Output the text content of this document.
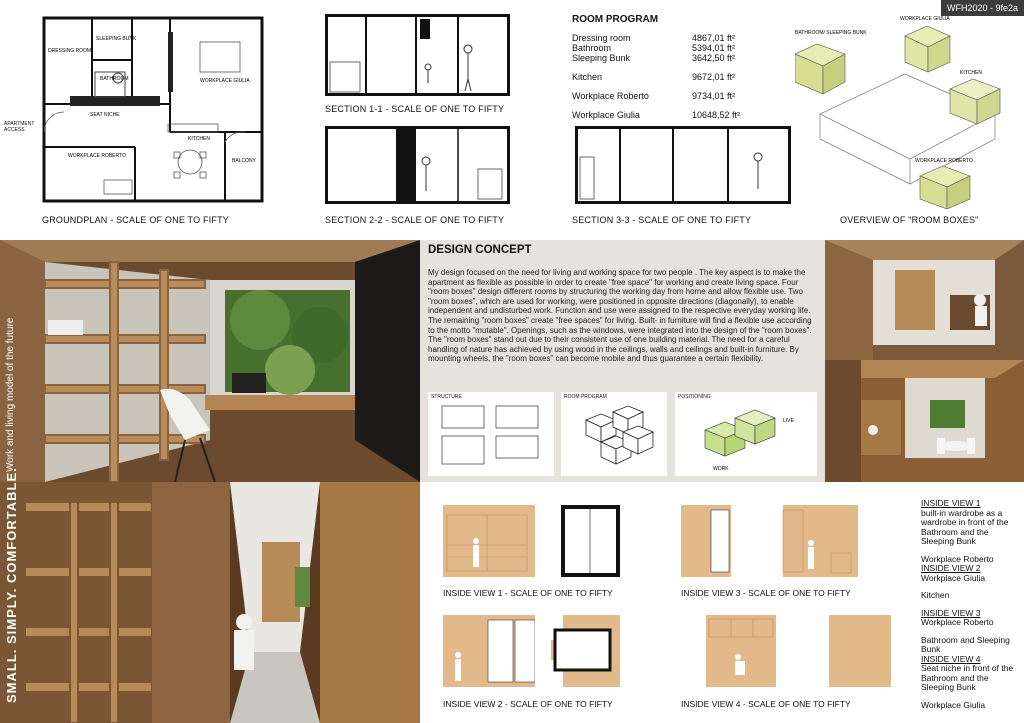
WFH2020 - 9fe2a
DRESSING ROOM
SLEEPING BUNK
BATHROOM
SEAT NICHE
WORKPLACE GIULIA
KITCHEN
BALCONY
WORKPLACE ROBERTO
APARTMENT ACCESS
GROUNDPLAN - SCALE OF ONE TO FIFTY
SECTION 1-1 - SCALE OF ONE TO FIFTY
SECTION 2-2 - SCALE OF ONE TO FIFTY	SECTION 3-3 - SCALE OF ONE TO FIFTY
ROOM PROGRAM
Dressing room	4867,01 ft²
Bathroom	5394,01 ft²
Sleeping Bunk	3642,50 ft²
Kitchen	9672,01 ft²
Workplace Roberto	9734,01 ft²
Workplace Giulia	10648,52 ft²
BATHROOM/ SLEEPING BUNK
WORKPLACE GIULIA
KITCHEN
WORKPLACE ROBERTO
OVERVIEW OF "ROOM BOXES"
DESIGN CONCEPT

My design focused on the need for living and working space for two people . The key aspect is to make the apartment as flexible as possible in order to create "free space" for working and create living space. Four "room boxes" design different rooms by structuring the working day from home and allow flexible use. Two "room boxes", which are used for working, were positioned in opposite directions (diagonally), to enable independent and undisturbed work. Function and use were assigned to the respective everyday working life. The remaining "room boxes" create "free spaces" for living. Built- in furniture will find a flexible use according to the motto "mutable". Openings, such as the windows, were integrated into the design of the "room boxes". The "room boxes" stand out due to their consistent use of one building material. The need for a careful handling of nature has achieved by using wood in the ceilings, walls and ceilings and built-in furniture. By mounting wheels, the "room boxes" can become mobile and thus guarantee a certain flexibility.

STRUCTURE	ROOM PROGRAM	POSITIONING
LIVE
WORK
SMALL. SIMPLY. COMFORTABLE.
Work and living model of the future
INSIDE VIEW 1 - SCALE OF ONE TO FIFTY
INSIDE VIEW 2 - SCALE OF ONE TO FIFTY
INSIDE VIEW 3 - SCALE OF ONE TO FIFTY
INSIDE VIEW 4 - SCALE OF ONE TO FIFTY
INSIDE VIEW 1
built-in wardrobe as a wardrobe in front of the Bathroom and the Sleeping Bunk
Workplace Roberto
INSIDE VIEW 2
Workplace Giulia
Kitchen
INSIDE VIEW 3
Workplace Roberto
Bathroom and Sleeping Bunk
INSIDE VIEW 4
Seat niche in front of the Bathroom and the Sleeping Bunk
Workplace Giulia
